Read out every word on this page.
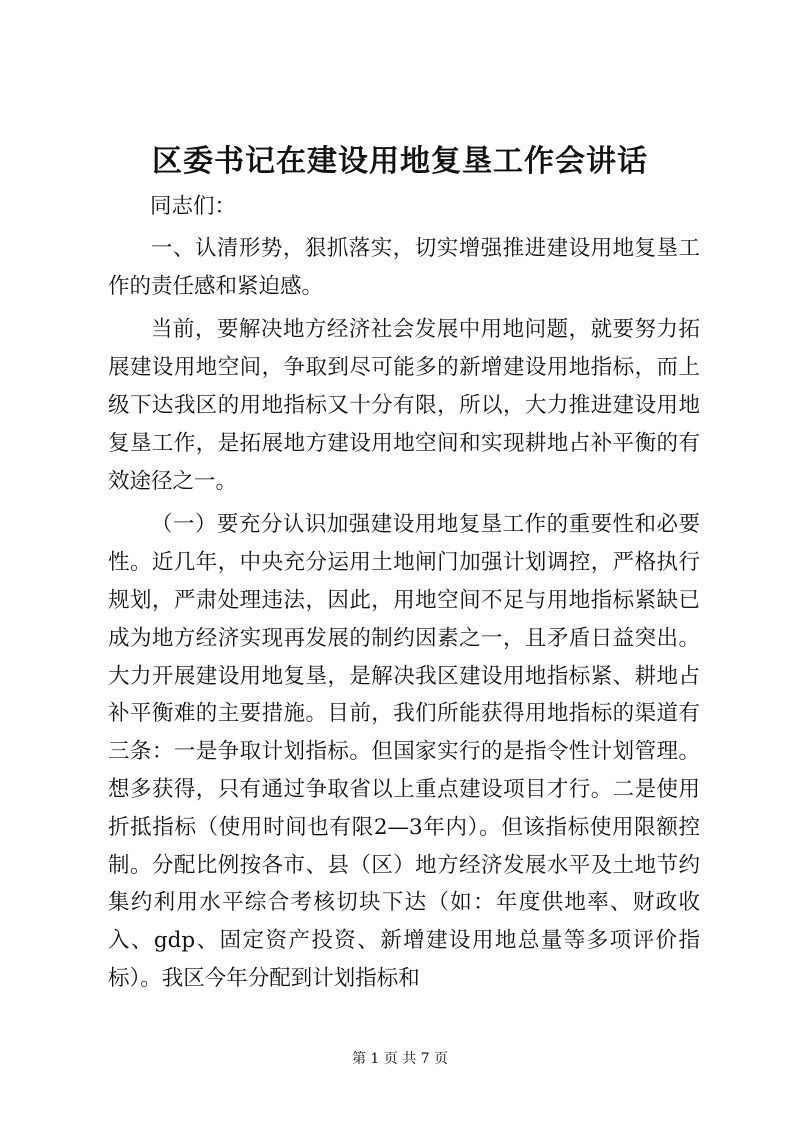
区委书记在建设用地复垦工作会讲话

同志们：

一、认清形势，狠抓落实，切实增强推进建设用地复垦工作的责任感和紧迫感。

当前，要解决地方经济社会发展中用地问题，就要努力拓展建设用地空间，争取到尽可能多的新增建设用地指标，而上级下达我区的用地指标又十分有限，所以，大力推进建设用地复垦工作，是拓展地方建设用地空间和实现耕地占补平衡的有效途径之一。

（一）要充分认识加强建设用地复垦工作的重要性和必要性。近几年，中央充分运用土地闸门加强计划调控，严格执行规划，严肃处理违法，因此，用地空间不足与用地指标紧缺已成为地方经济实现再发展的制约因素之一，且矛盾日益突出。大力开展建设用地复垦，是解决我区建设用地指标紧、耕地占补平衡难的主要措施。目前，我们所能获得用地指标的渠道有三条：一是争取计划指标。但国家实行的是指令性计划管理。想多获得，只有通过争取省以上重点建设项目才行。二是使用折抵指标（使用时间也有限2—3年内）。但该指标使用限额控制。分配比例按各市、县（区）地方经济发展水平及土地节约集约利用水平综合考核切块下达（如：年度供地率、财政收入、gdp、固定资产投资、新增建设用地总量等多项评价指标）。我区今年分配到计划指标和

第 1 页 共 7 页
